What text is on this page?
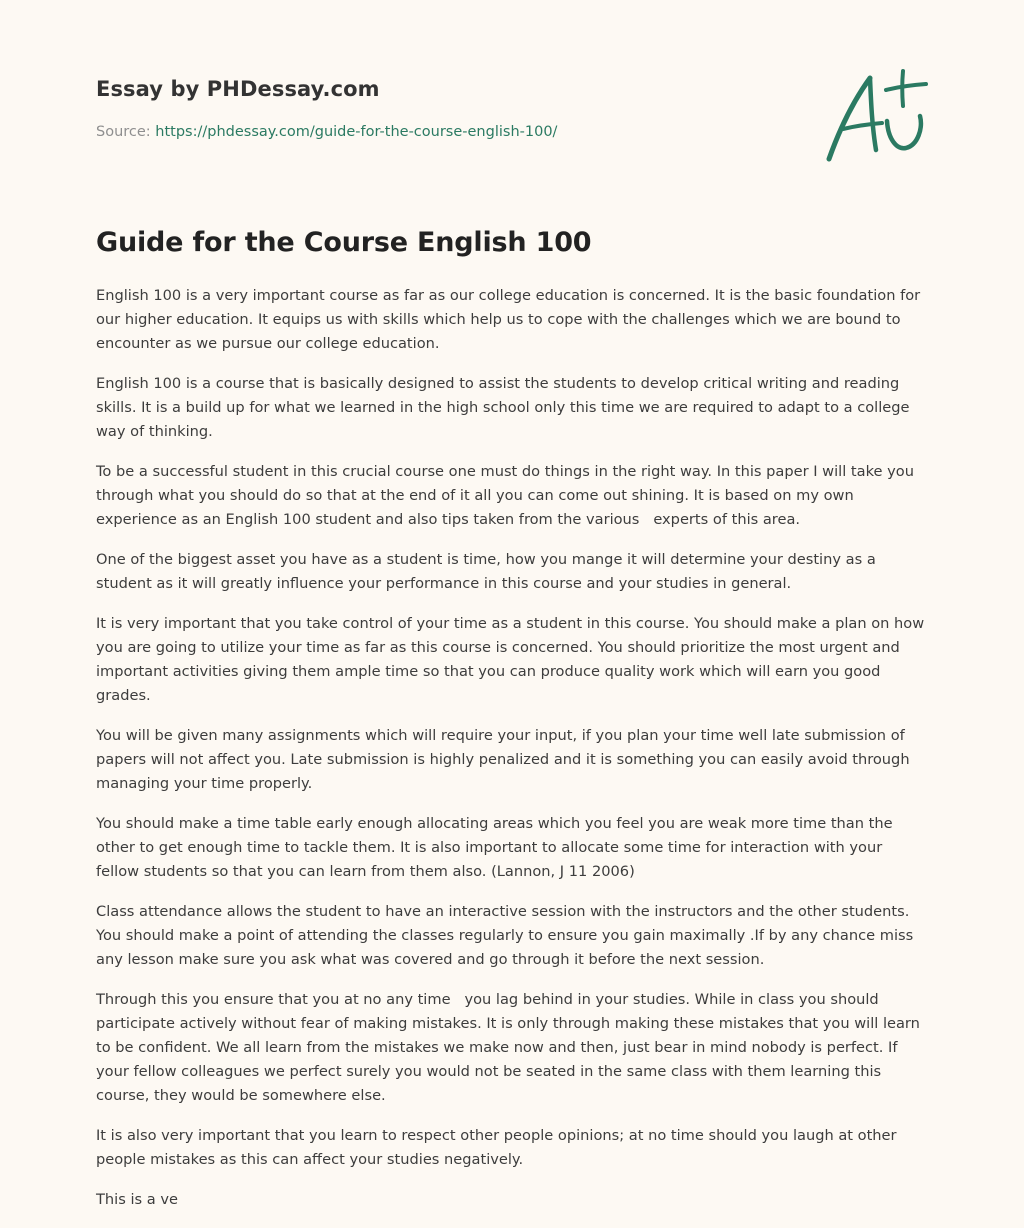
Essay by PHDessay.com
Source: https://phdessay.com/guide-for-the-course-english-100/
Guide for the Course English 100

English 100 is a very important course as far as our college education is concerned. It is the basic foundation for our higher education. It equips us with skills which help us to cope with the challenges which we are bound to encounter as we pursue our college education.

English 100 is a course that is basically designed to assist the students to develop critical writing and reading skills. It is a build up for what we learned in the high school only this time we are required to adapt to a college way of thinking.

To be a successful student in this crucial course one must do things in the right way. In this paper I will take you through what you should do so that at the end of it all you can come out shining. It is based on my own experience as an English 100 student and also tips taken from the various   experts of this area.

One of the biggest asset you have as a student is time, how you mange it will determine your destiny as a student as it will greatly influence your performance in this course and your studies in general.

It is very important that you take control of your time as a student in this course. You should make a plan on how you are going to utilize your time as far as this course is concerned. You should prioritize the most urgent and important activities giving them ample time so that you can produce quality work which will earn you good grades.

You will be given many assignments which will require your input, if you plan your time well late submission of papers will not affect you. Late submission is highly penalized and it is something you can easily avoid through managing your time properly.

You should make a time table early enough allocating areas which you feel you are weak more time than the other to get enough time to tackle them. It is also important to allocate some time for interaction with your fellow students so that you can learn from them also. (Lannon, J 11 2006)

Class attendance allows the student to have an interactive session with the instructors and the other students. You should make a point of attending the classes regularly to ensure you gain maximally .If by any chance miss any lesson make sure you ask what was covered and go through it before the next session.

Through this you ensure that you at no any time   you lag behind in your studies. While in class you should participate actively without fear of making mistakes. It is only through making these mistakes that you will learn to be confident. We all learn from the mistakes we make now and then, just bear in mind nobody is perfect. If your fellow colleagues we perfect surely you would not be seated in the same class with them learning this course, they would be somewhere else.

It is also very important that you learn to respect other people opinions; at no time should you laugh at other people mistakes as this can affect your studies negatively.

This is a ve
